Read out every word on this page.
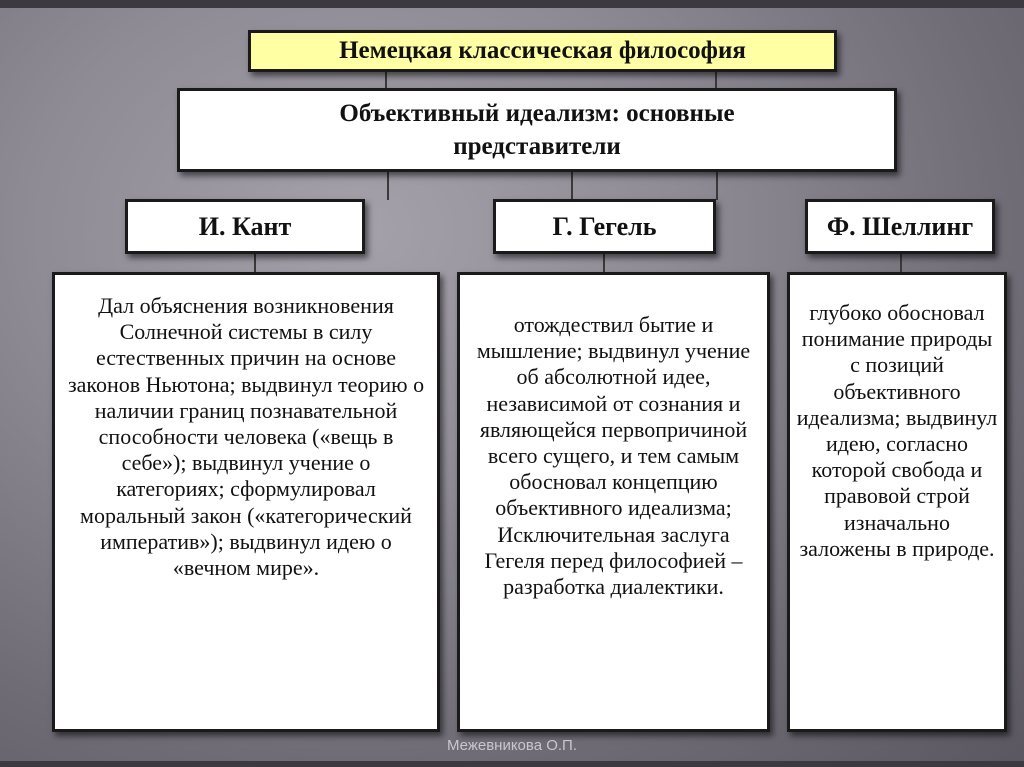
Немецкая классическая философия
Объективный идеализм: основные представители
И. Кант	Г. Гегель	Ф. Шеллинг
Дал объяснения возникновения Солнечной системы в силу естественных причин на основе законов Ньютона; выдвинул теорию о наличии границ познавательной способности человека («вещь в себе»); выдвинул учение о категориях; сформулировал моральный закон («категорический императив»); выдвинул идею о «вечном мире».
отождествил бытие и мышление; выдвинул учение об абсолютной идее, независимой от сознания и являющейся первопричиной всего сущего, и тем самым обосновал концепцию объективного идеализма; Исключительная заслуга Гегеля перед философией – разработка диалектики.
глубоко обосновал понимание природы с позиций объективного идеализма; выдвинул идею, согласно которой свобода и правовой строй изначально заложены в природе.
Межевникова О.П.
